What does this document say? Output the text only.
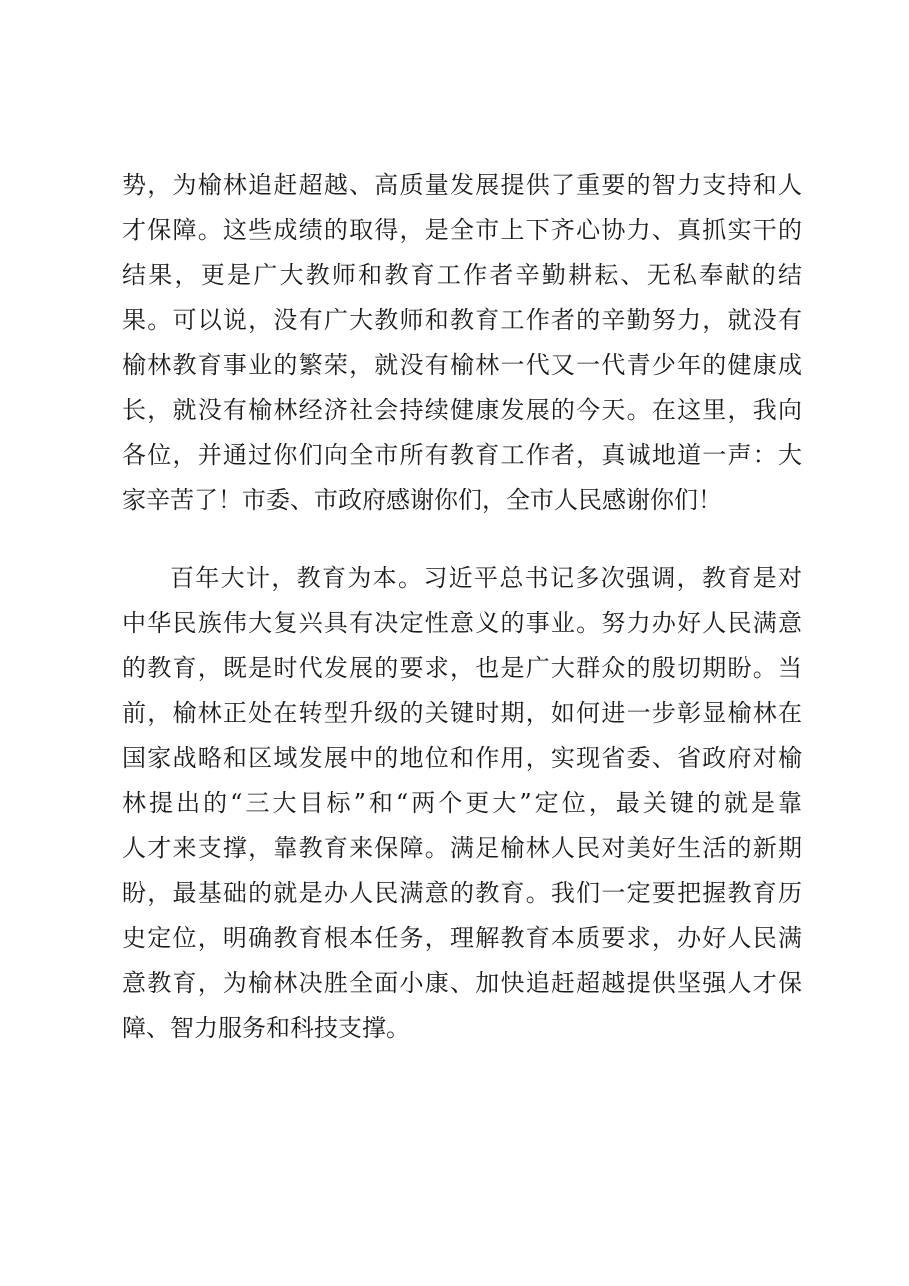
势，为榆林追赶超越、高质量发展提供了重要的智力支持和人
才保障。这些成绩的取得，是全市上下齐心协力、真抓实干的
结果，更是广大教师和教育工作者辛勤耕耘、无私奉献的结
果。可以说，没有广大教师和教育工作者的辛勤努力，就没有
榆林教育事业的繁荣，就没有榆林一代又一代青少年的健康成
长，就没有榆林经济社会持续健康发展的今天。在这里，我向
各位，并通过你们向全市所有教育工作者，真诚地道一声：大
家辛苦了！市委、市政府感谢你们，全市人民感谢你们！
百年大计，教育为本。习近平总书记多次强调，教育是对
中华民族伟大复兴具有决定性意义的事业。努力办好人民满意
的教育，既是时代发展的要求，也是广大群众的殷切期盼。当
前，榆林正处在转型升级的关键时期，如何进一步彰显榆林在
国家战略和区域发展中的地位和作用，实现省委、省政府对榆
林提出的“三大目标”和“两个更大”定位，最关键的就是靠
人才来支撑，靠教育来保障。满足榆林人民对美好生活的新期
盼，最基础的就是办人民满意的教育。我们一定要把握教育历
史定位，明确教育根本任务，理解教育本质要求，办好人民满
意教育，为榆林决胜全面小康、加快追赶超越提供坚强人才保
障、智力服务和科技支撑。
